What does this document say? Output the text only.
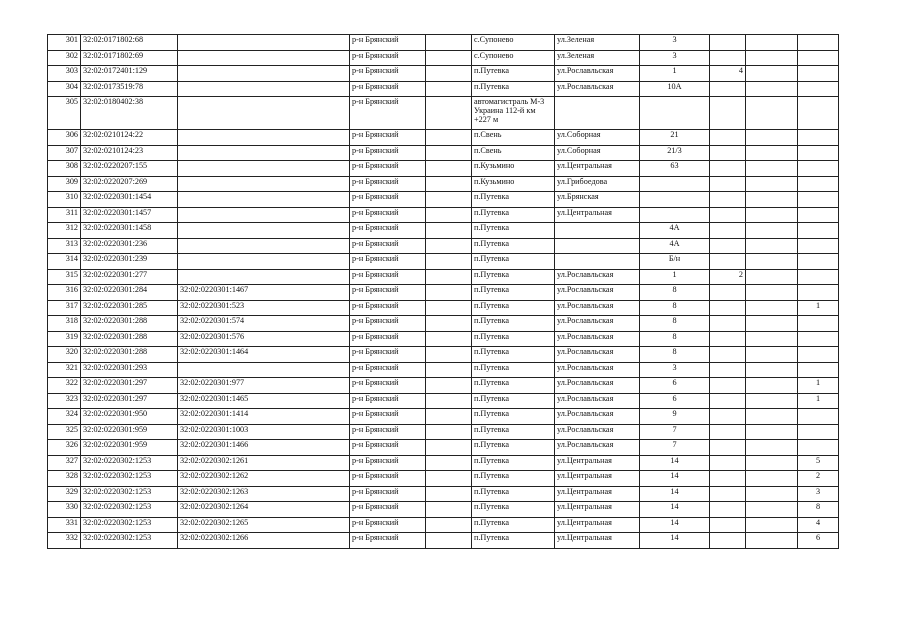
301	32:02:0171802:68		р-н Брянский		с.Супонево	ул.Зеленая	3			
302	32:02:0171802:69		р-н Брянский		с.Супонево	ул.Зеленая	3			
303	32:02:0172401:129		р-н Брянский		п.Путевка	ул.Рославльская	1	4		
304	32:02:0173519:78		р-н Брянский		п.Путевка	ул.Рославльская	10А			
305	32:02:0180402:38		р-н Брянский		автомагистраль М-3 Украина 112-й км +227 м					
306	32:02:0210124:22		р-н Брянский		п.Свень	ул.Соборная	21			
307	32:02:0210124:23		р-н Брянский		п.Свень	ул.Соборная	21/3			
308	32:02:0220207:155		р-н Брянский		п.Кузьмино	ул.Центральная	63			
309	32:02:0220207:269		р-н Брянский		п.Кузьмино	ул.Грибоедова				
310	32:02:0220301:1454		р-н Брянский		п.Путевка	ул.Брянская				
311	32:02:0220301:1457		р-н Брянский		п.Путевка	ул.Центральная				
312	32:02:0220301:1458		р-н Брянский		п.Путевка		4А			
313	32:02:0220301:236		р-н Брянский		п.Путевка		4А			
314	32:02:0220301:239		р-н Брянский		п.Путевка		Б/н			
315	32:02:0220301:277		р-н Брянский		п.Путевка	ул.Рославльская	1	2		
316	32:02:0220301:284	32:02:0220301:1467	р-н Брянский		п.Путевка	ул.Рославльская	8			
317	32:02:0220301:285	32:02:0220301:523	р-н Брянский		п.Путевка	ул.Рославльская	8			1
318	32:02:0220301:288	32:02:0220301:574	р-н Брянский		п.Путевка	ул.Рославльская	8			
319	32:02:0220301:288	32:02:0220301:576	р-н Брянский		п.Путевка	ул.Рославльская	8			
320	32:02:0220301:288	32:02:0220301:1464	р-н Брянский		п.Путевка	ул.Рославльская	8			
321	32:02:0220301:293		р-н Брянский		п.Путевка	ул.Рославльская	3			
322	32:02:0220301:297	32:02:0220301:977	р-н Брянский		п.Путевка	ул.Рославльская	6			1
323	32:02:0220301:297	32:02:0220301:1465	р-н Брянский		п.Путевка	ул.Рославльская	6			1
324	32:02:0220301:950	32:02:0220301:1414	р-н Брянский		п.Путевка	ул.Рославльская	9			
325	32:02:0220301:959	32:02:0220301:1003	р-н Брянский		п.Путевка	ул.Рославльская	7			
326	32:02:0220301:959	32:02:0220301:1466	р-н Брянский		п.Путевка	ул.Рославльская	7			
327	32:02:0220302:1253	32:02:0220302:1261	р-н Брянский		п.Путевка	ул.Центральная	14			5
328	32:02:0220302:1253	32:02:0220302:1262	р-н Брянский		п.Путевка	ул.Центральная	14			2
329	32:02:0220302:1253	32:02:0220302:1263	р-н Брянский		п.Путевка	ул.Центральная	14			3
330	32:02:0220302:1253	32:02:0220302:1264	р-н Брянский		п.Путевка	ул.Центральная	14			8
331	32:02:0220302:1253	32:02:0220302:1265	р-н Брянский		п.Путевка	ул.Центральная	14			4
332	32:02:0220302:1253	32:02:0220302:1266	р-н Брянский		п.Путевка	ул.Центральная	14			6
